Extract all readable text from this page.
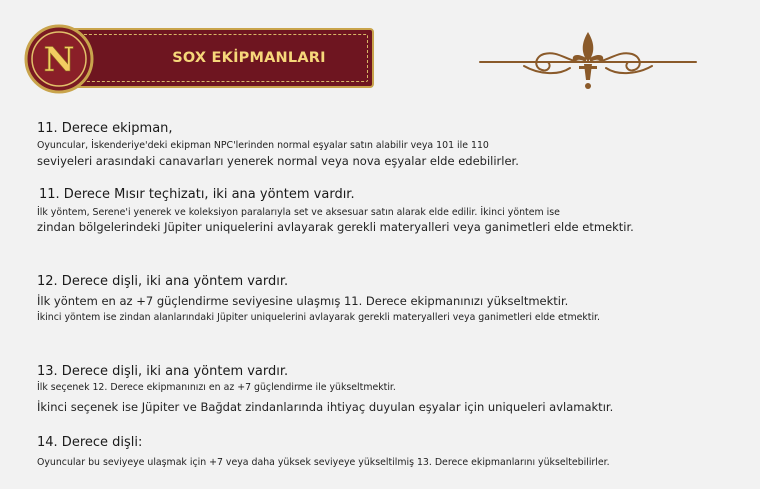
SOX EKİPMANLARI
N
11. Derece ekipman,
Oyuncular, İskenderiye'deki ekipman NPC'lerinden normal eşyalar satın alabilir veya 101 ile 110
seviyeleri arasındaki canavarları yenerek normal veya nova eşyalar elde edebilirler.
11. Derece Mısır teçhizatı, iki ana yöntem vardır.
İlk yöntem, Serene'i yenerek ve koleksiyon paralarıyla set ve aksesuar satın alarak elde edilir. İkinci yöntem ise
zindan bölgelerindeki Jüpiter uniquelerini avlayarak gerekli materyalleri veya ganimetleri elde etmektir.
12. Derece dişli, iki ana yöntem vardır.
İlk yöntem en az +7 güçlendirme seviyesine ulaşmış 11. Derece ekipmanınızı yükseltmektir.
İkinci yöntem ise zindan alanlarındaki Jüpiter uniquelerini avlayarak gerekli materyalleri veya ganimetleri elde etmektir.
13. Derece dişli, iki ana yöntem vardır.
İlk seçenek 12. Derece ekipmanınızı en az +7 güçlendirme ile yükseltmektir.
İkinci seçenek ise Jüpiter ve Bağdat zindanlarında ihtiyaç duyulan eşyalar için uniqueleri avlamaktır.
14. Derece dişli:
Oyuncular bu seviyeye ulaşmak için +7 veya daha yüksek seviyeye yükseltilmiş 13. Derece ekipmanlarını yükseltebilirler.
